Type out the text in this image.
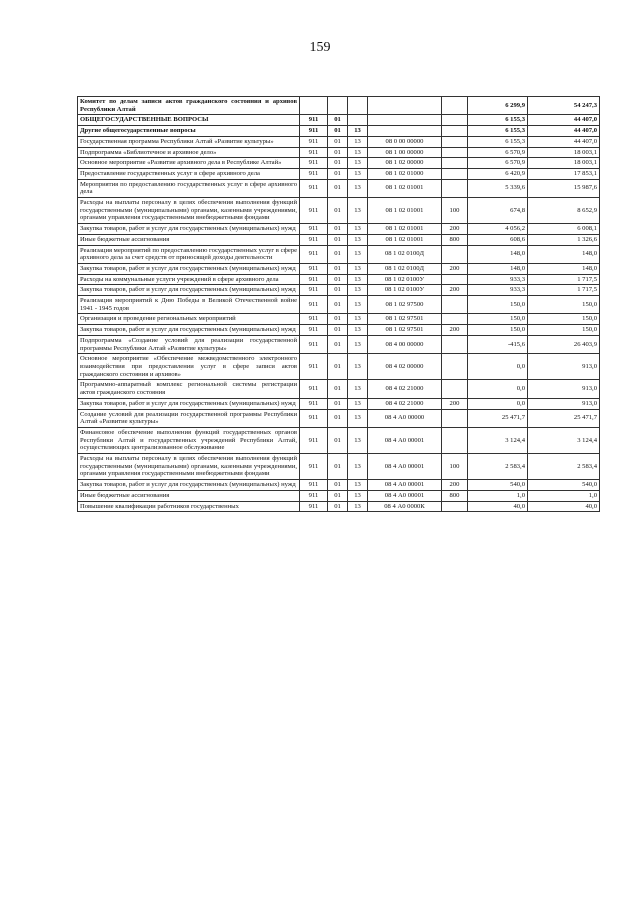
159
Комитет по делам записи актов гражданского состояния и архивов Республики Алтай						6 299,9	54 247,3
ОБЩЕГОСУДАРСТВЕННЫЕ ВОПРОСЫ	911	01				6 155,3	44 407,0
Другие общегосударственные вопросы	911	01	13			6 155,3	44 407,0
Государственная программа Республики Алтай «Развитие культуры»	911	01	13	08 0 00 00000		6 155,3	44 407,0
Подпрограмма «Библиотечное и архивное дело»	911	01	13	08 1 00 00000		6 570,9	18 003,1
Основное мероприятие «Развитие архивного дела в Республике Алтай»	911	01	13	08 1 02 00000		6 570,9	18 003,1
Предоставление государственных услуг в сфере архивного дела	911	01	13	08 1 02 01000		6 420,9	17 853,1
Мероприятия по предоставлению государственных услуг в сфере архивного дела	911	01	13	08 1 02 01001		5 339,6	15 987,6
Расходы на выплаты персоналу в целях обеспечения выполнения функций государственными (муниципальными) органами, казенными учреждениями, органами управления государственными внебюджетными фондами	911	01	13	08 1 02 01001	100	674,8	8 652,9
Закупка товаров, работ и услуг для государственных (муниципальных) нужд	911	01	13	08 1 02 01001	200	4 056,2	6 008,1
Иные бюджетные ассигнования	911	01	13	08 1 02 01001	800	608,6	1 326,6
Реализация мероприятий по предоставлению государственных услуг в сфере архивного дела за счет средств от приносящей доходы деятельности	911	01	13	08 1 02 0100Д		148,0	148,0
Закупка товаров, работ и услуг для государственных (муниципальных) нужд	911	01	13	08 1 02 0100Д	200	148,0	148,0
Расходы на коммунальные услуги учреждений в сфере архивного дела	911	01	13	08 1 02 0100У		933,3	1 717,5
Закупка товаров, работ и услуг для государственных (муниципальных) нужд	911	01	13	08 1 02 0100У	200	933,3	1 717,5
Реализация мероприятий к Дню Победы в Великой Отечественной войне 1941 - 1945 годов	911	01	13	08 1 02 97500		150,0	150,0
Организация и проведение региональных мероприятий	911	01	13	08 1 02 97501		150,0	150,0
Закупка товаров, работ и услуг для государственных (муниципальных) нужд	911	01	13	08 1 02 97501	200	150,0	150,0
Подпрограмма «Создание условий для реализации государственной программы Республики Алтай «Развитие культуры»	911	01	13	08 4 00 00000		-415,6	26 403,9
Основное мероприятие «Обеспечение межведомственного электронного взаимодействия при предоставлении услуг в сфере записи актов гражданского состояния и архивов»	911	01	13	08 4 02 00000		0,0	913,0
Программно-аппаратный комплекс региональной системы регистрации актов гражданского состояния	911	01	13	08 4 02 21000		0,0	913,0
Закупка товаров, работ и услуг для государственных (муниципальных) нужд	911	01	13	08 4 02 21000	200	0,0	913,0
Создание условий для реализации государственной программы Республики Алтай «Развитие культуры»	911	01	13	08 4 А0 00000		25 471,7	25 471,7
Финансовое обеспечение выполнения функций государственных органов Республики Алтай и государственных учреждений Республики Алтай, осуществляющих централизованное обслуживание	911	01	13	08 4 А0 00001		3 124,4	3 124,4
Расходы на выплаты персоналу в целях обеспечения выполнения функций государственными (муниципальными) органами, казенными учреждениями, органами управления государственными внебюджетными фондами	911	01	13	08 4 А0 00001	100	2 583,4	2 583,4
Закупка товаров, работ и услуг для государственных (муниципальных) нужд	911	01	13	08 4 А0 00001	200	540,0	540,0
Иные бюджетные ассигнования	911	01	13	08 4 А0 00001	800	1,0	1,0
Повышение квалификации работников государственных	911	01	13	08 4 А0 0000К		40,0	40,0
